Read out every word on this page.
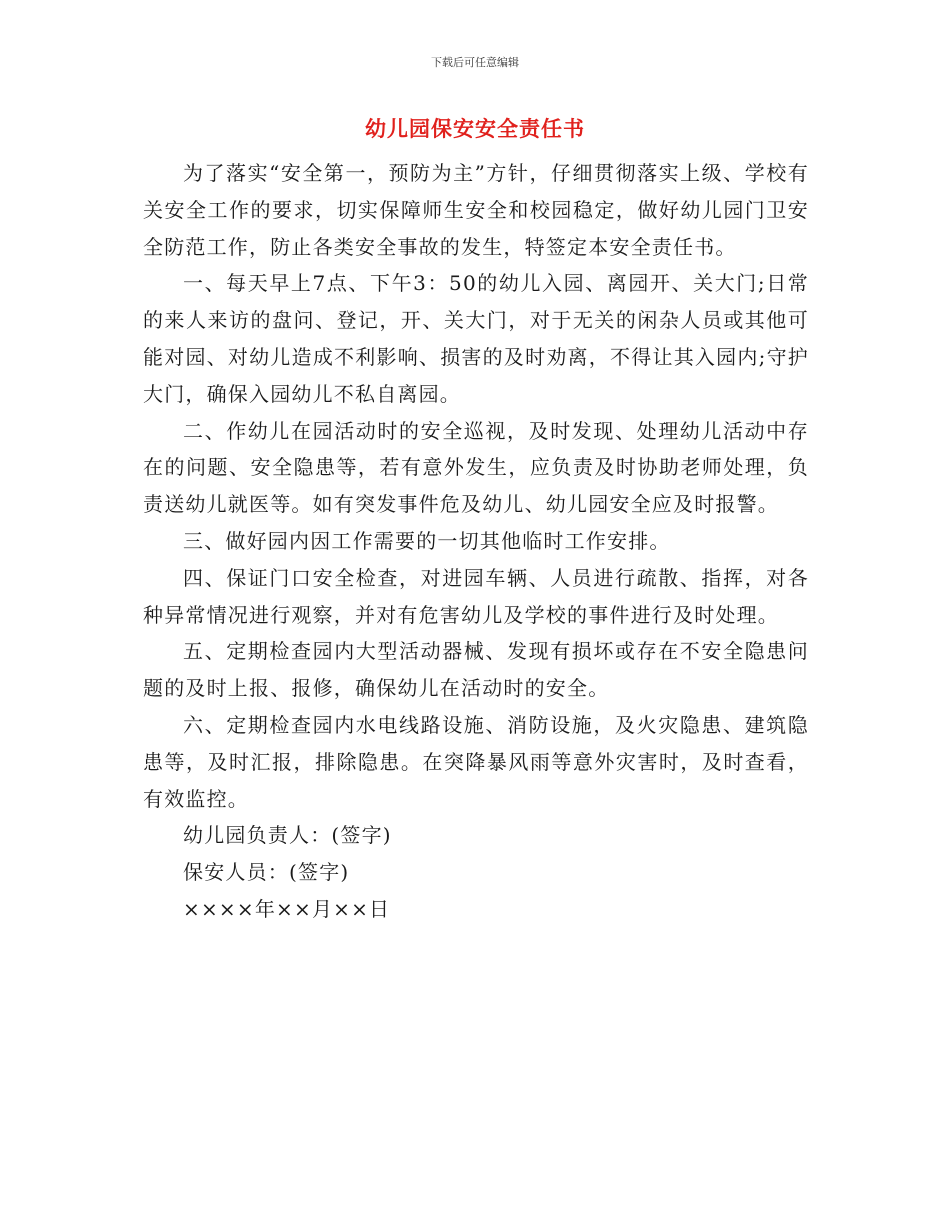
下载后可任意编辑
幼儿园保安安全责任书

为了落实“安全第一，预防为主”方针，仔细贯彻落实上级、学校有关安全工作的要求，切实保障师生安全和校园稳定，做好幼儿园门卫安全防范工作，防止各类安全事故的发生，特签定本安全责任书。

一、每天早上7点、下午3：50的幼儿入园、离园开、关大门;日常的来人来访的盘问、登记，开、关大门，对于无关的闲杂人员或其他可能对园、对幼儿造成不利影响、损害的及时劝离，不得让其入园内;守护大门，确保入园幼儿不私自离园。

二、作幼儿在园活动时的安全巡视，及时发现、处理幼儿活动中存在的问题、安全隐患等，若有意外发生，应负责及时协助老师处理，负责送幼儿就医等。如有突发事件危及幼儿、幼儿园安全应及时报警。

三、做好园内因工作需要的一切其他临时工作安排。

四、保证门口安全检查，对进园车辆、人员进行疏散、指挥，对各种异常情况进行观察，并对有危害幼儿及学校的事件进行及时处理。

五、定期检查园内大型活动器械、发现有损坏或存在不安全隐患问题的及时上报、报修，确保幼儿在活动时的安全。

六、定期检查园内水电线路设施、消防设施，及火灾隐患、建筑隐患等，及时汇报，排除隐患。在突降暴风雨等意外灾害时，及时查看，有效监控。

幼儿园负责人：(签字)

保安人员：(签字)

××××年××月××日
